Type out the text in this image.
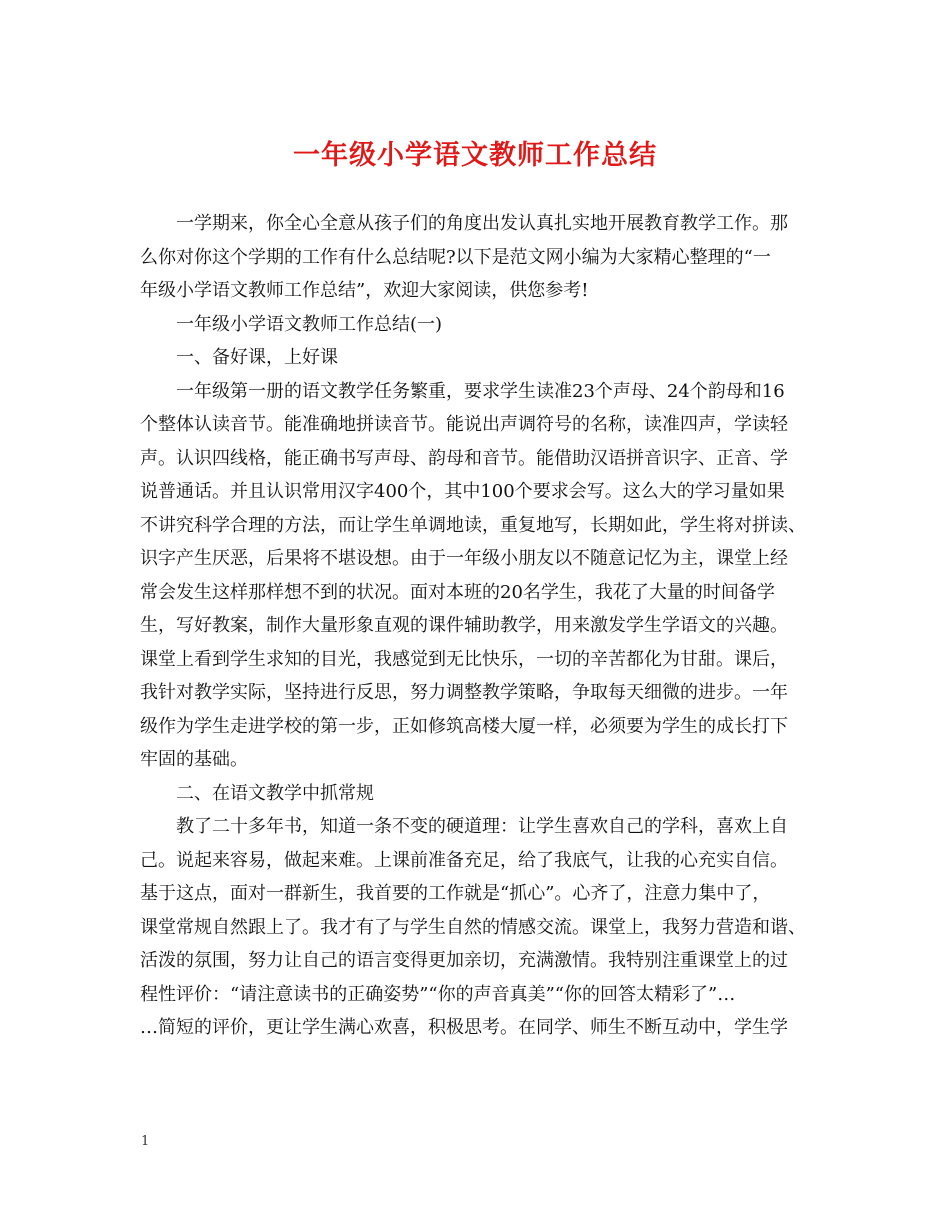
一年级小学语文教师工作总结
一学期来，你全心全意从孩子们的角度出发认真扎实地开展教育教学工作。那
么你对你这个学期的工作有什么总结呢?以下是范文网小编为大家精心整理的“一
年级小学语文教师工作总结”，欢迎大家阅读，供您参考!
一年级小学语文教师工作总结(一)
一、备好课，上好课
一年级第一册的语文教学任务繁重，要求学生读准23个声母、24个韵母和16
个整体认读音节。能准确地拼读音节。能说出声调符号的名称，读准四声，学读轻
声。认识四线格，能正确书写声母、韵母和音节。能借助汉语拼音识字、正音、学
说普通话。并且认识常用汉字400个，其中100个要求会写。这么大的学习量如果
不讲究科学合理的方法，而让学生单调地读，重复地写，长期如此，学生将对拼读、
识字产生厌恶，后果将不堪设想。由于一年级小朋友以不随意记忆为主，课堂上经
常会发生这样那样想不到的状况。面对本班的20名学生，我花了大量的时间备学
生，写好教案，制作大量形象直观的课件辅助教学，用来激发学生学语文的兴趣。
课堂上看到学生求知的目光，我感觉到无比快乐，一切的辛苦都化为甘甜。课后，
我针对教学实际，坚持进行反思，努力调整教学策略，争取每天细微的进步。一年
级作为学生走进学校的第一步，正如修筑高楼大厦一样，必须要为学生的成长打下
牢固的基础。
二、在语文教学中抓常规
教了二十多年书，知道一条不变的硬道理：让学生喜欢自己的学科，喜欢上自
己。说起来容易，做起来难。上课前准备充足，给了我底气，让我的心充实自信。
基于这点，面对一群新生，我首要的工作就是“抓心”。心齐了，注意力集中了，
课堂常规自然跟上了。我才有了与学生自然的情感交流。课堂上，我努力营造和谐、
活泼的氛围，努力让自己的语言变得更加亲切，充满激情。我特别注重课堂上的过
程性评价：“请注意读书的正确姿势”“你的声音真美”“你的回答太精彩了”…
…简短的评价，更让学生满心欢喜，积极思考。在同学、师生不断互动中，学生学
1
